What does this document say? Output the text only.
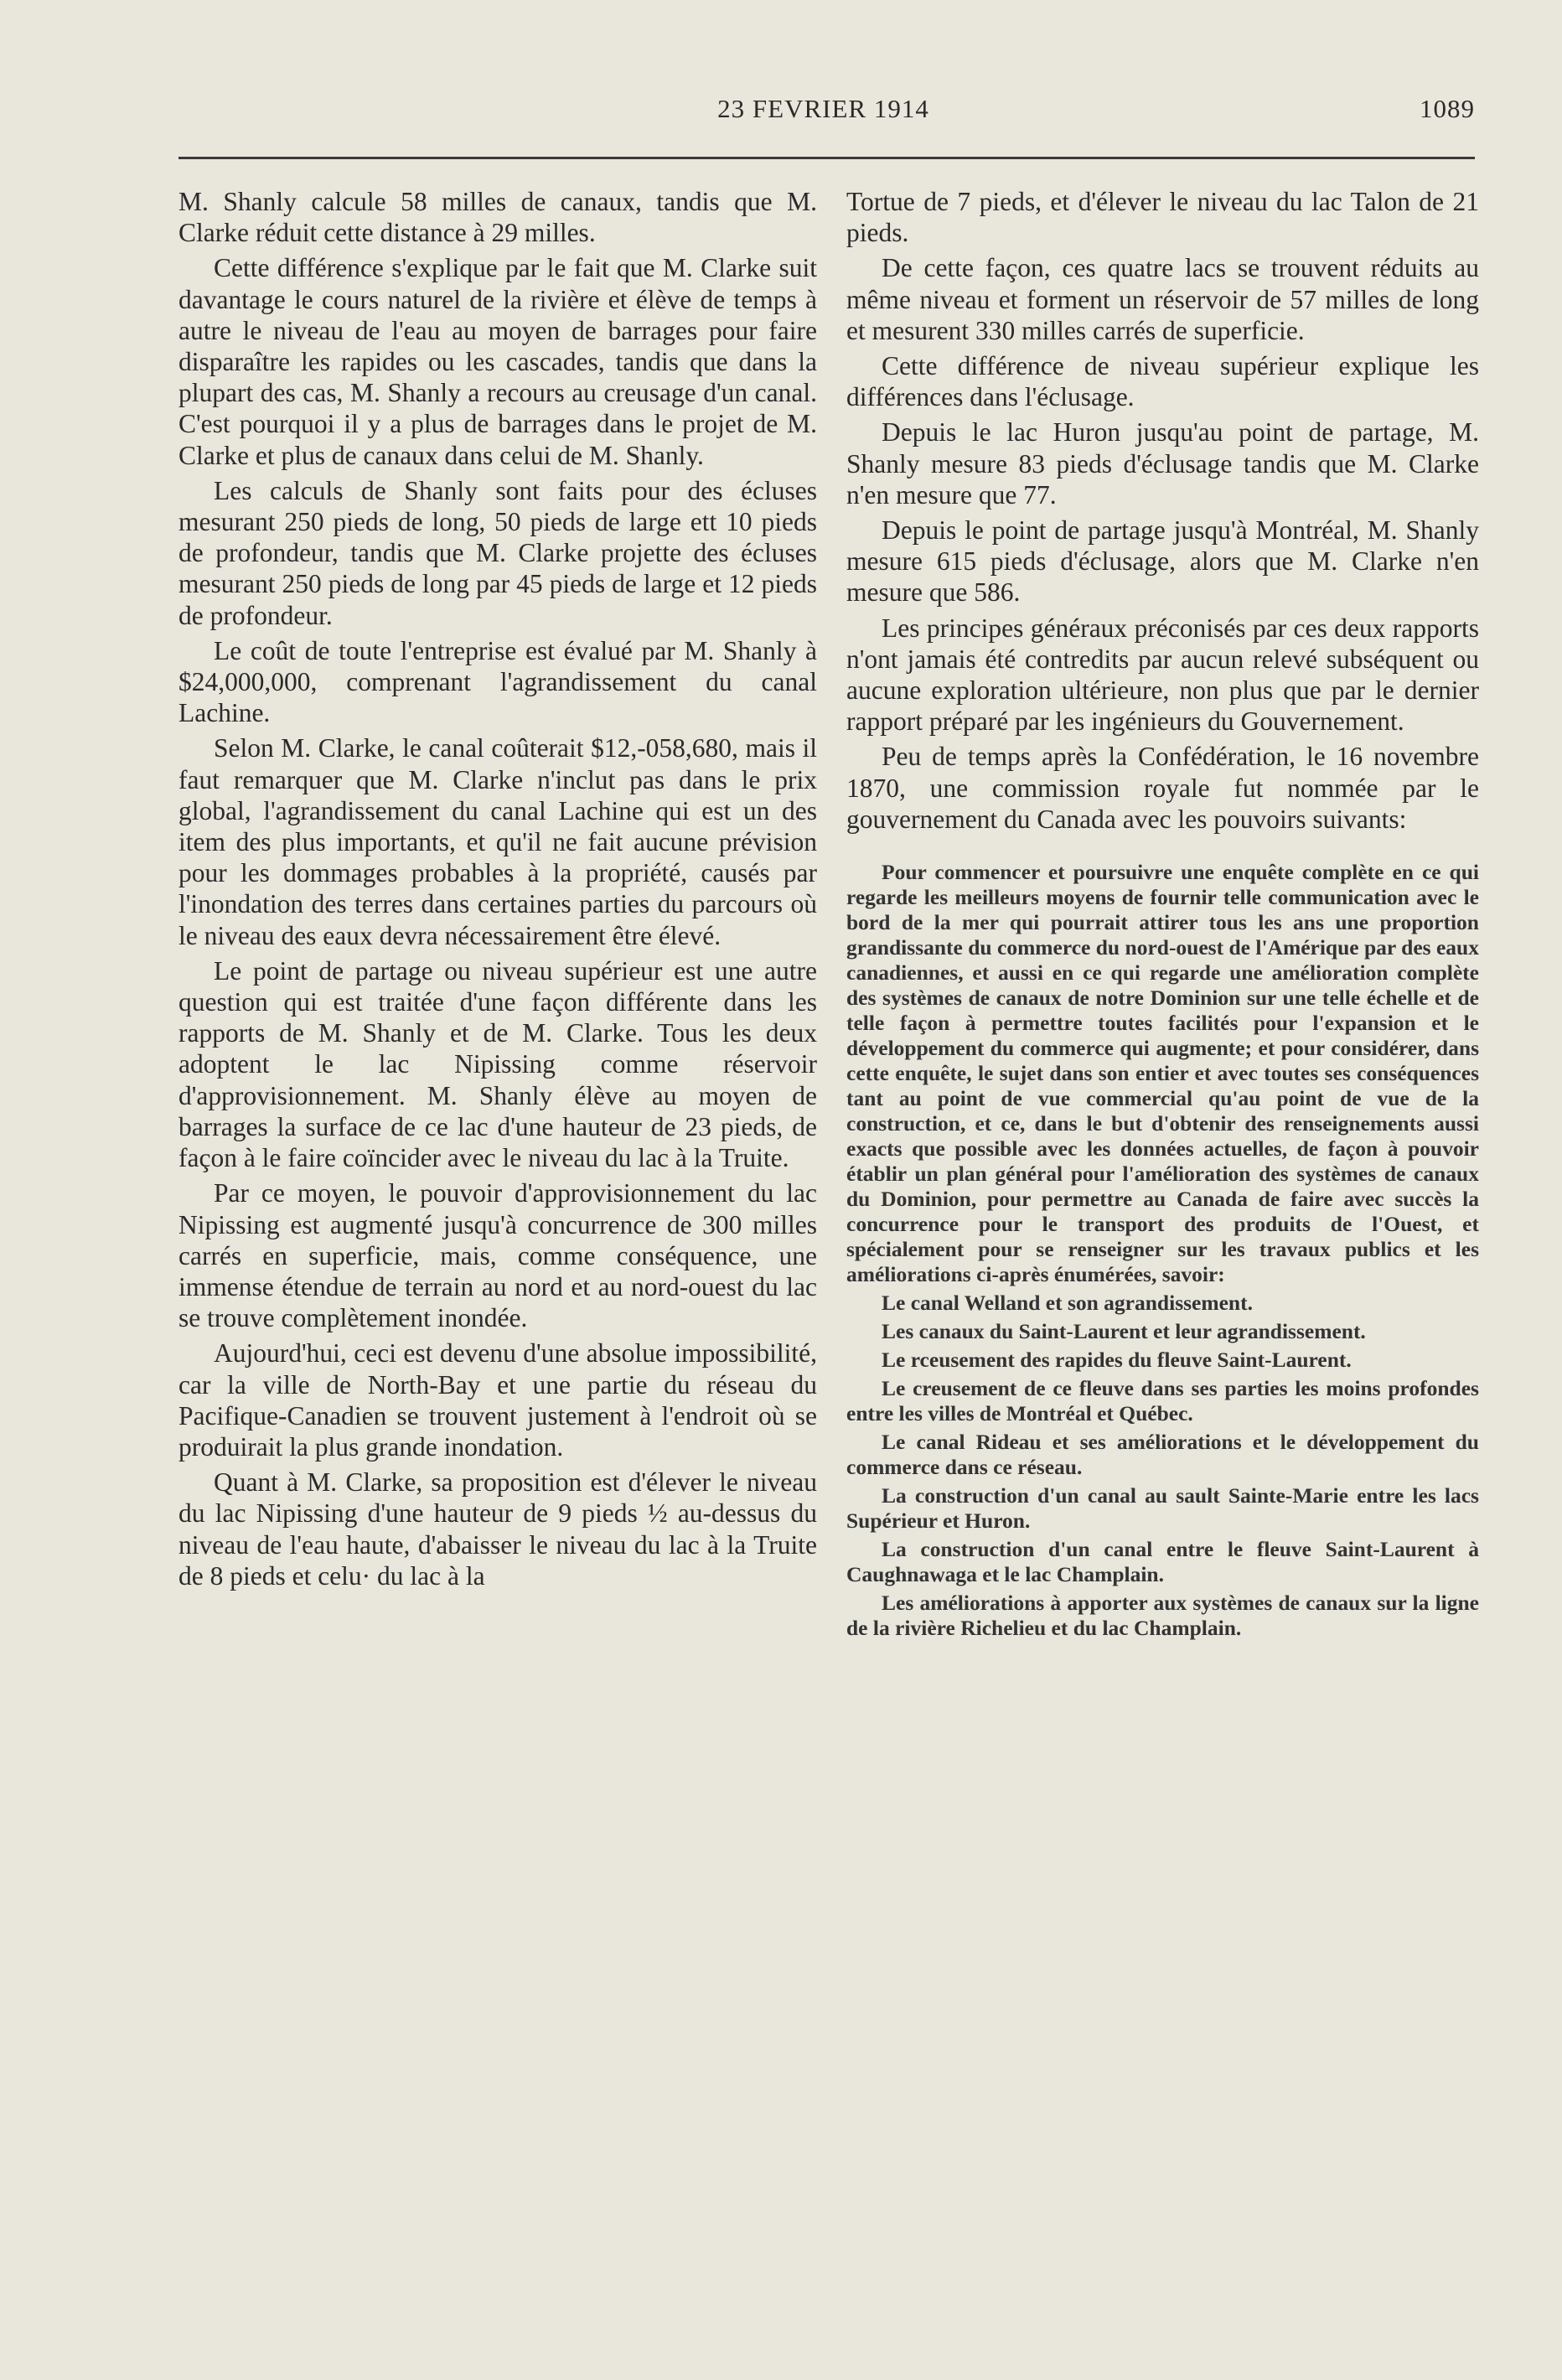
23 FEVRIER 1914	1089

M. Shanly calcule 58 milles de canaux, tandis que M. Clarke réduit cette distance à 29 milles.

Cette différence s'explique par le fait que M. Clarke suit davantage le cours naturel de la rivière et élève de temps à autre le niveau de l'eau au moyen de barrages pour faire disparaître les rapides ou les cascades, tandis que dans la plupart des cas, M. Shanly a recours au creusage d'un canal. C'est pourquoi il y a plus de barrages dans le projet de M. Clarke et plus de canaux dans celui de M. Shanly.

Les calculs de Shanly sont faits pour des écluses mesurant 250 pieds de long, 50 pieds de large ett 10 pieds de profondeur, tandis que M. Clarke projette des écluses mesurant 250 pieds de long par 45 pieds de large et 12 pieds de profondeur.

Le coût de toute l'entreprise est évalué par M. Shanly à $24,000,000, comprenant l'agrandissement du canal Lachine.

Selon M. Clarke, le canal coûterait $12,-058,680, mais il faut remarquer que M. Clarke n'inclut pas dans le prix global, l'agrandissement du canal Lachine qui est un des item des plus importants, et qu'il ne fait aucune prévision pour les dommages probables à la propriété, causés par l'inondation des terres dans certaines parties du parcours où le niveau des eaux devra nécessairement être élevé.

Le point de partage ou niveau supérieur est une autre question qui est traitée d'une façon différente dans les rapports de M. Shanly et de M. Clarke. Tous les deux adoptent le lac Nipissing comme réservoir d'approvisionnement. M. Shanly élève au moyen de barrages la surface de ce lac d'une hauteur de 23 pieds, de façon à le faire coïncider avec le niveau du lac à la Truite.

Par ce moyen, le pouvoir d'approvisionnement du lac Nipissing est augmenté jusqu'à concurrence de 300 milles carrés en superficie, mais, comme conséquence, une immense étendue de terrain au nord et au nord-ouest du lac se trouve complètement inondée.

Aujourd'hui, ceci est devenu d'une absolue impossibilité, car la ville de North-Bay et une partie du réseau du Pacifique-Canadien se trouvent justement à l'endroit où se produirait la plus grande inondation.

Quant à M. Clarke, sa proposition est d'élever le niveau du lac Nipissing d'une hauteur de 9 pieds ½ au-dessus du niveau de l'eau haute, d'abaisser le niveau du lac à la Truite de 8 pieds et celu· du lac à la

Tortue de 7 pieds, et d'élever le niveau du lac Talon de 21 pieds.

De cette façon, ces quatre lacs se trouvent réduits au même niveau et forment un réservoir de 57 milles de long et mesurent 330 milles carrés de superficie.

Cette différence de niveau supérieur explique les différences dans l'éclusage.

Depuis le lac Huron jusqu'au point de partage, M. Shanly mesure 83 pieds d'éclusage tandis que M. Clarke n'en mesure que 77.

Depuis le point de partage jusqu'à Montréal, M. Shanly mesure 615 pieds d'éclusage, alors que M. Clarke n'en mesure que 586.

Les principes généraux préconisés par ces deux rapports n'ont jamais été contredits par aucun relevé subséquent ou aucune exploration ultérieure, non plus que par le dernier rapport préparé par les ingénieurs du Gouvernement.

Peu de temps après la Confédération, le 16 novembre 1870, une commission royale fut nommée par le gouvernement du Canada avec les pouvoirs suivants:

Pour commencer et poursuivre une enquête complète en ce qui regarde les meilleurs moyens de fournir telle communication avec le bord de la mer qui pourrait attirer tous les ans une proportion grandissante du commerce du nord-ouest de l'Amérique par des eaux canadiennes, et aussi en ce qui regarde une amélioration complète des systèmes de canaux de notre Dominion sur une telle échelle et de telle façon à permettre toutes facilités pour l'expansion et le développement du commerce qui augmente; et pour considérer, dans cette enquête, le sujet dans son entier et avec toutes ses conséquences tant au point de vue commercial qu'au point de vue de la construction, et ce, dans le but d'obtenir des renseignements aussi exacts que possible avec les données actuelles, de façon à pouvoir établir un plan général pour l'amélioration des systèmes de canaux du Dominion, pour permettre au Canada de faire avec succès la concurrence pour le transport des produits de l'Ouest, et spécialement pour se renseigner sur les travaux publics et les améliorations ci-après énumérées, savoir:

Le canal Welland et son agrandissement.

Les canaux du Saint-Laurent et leur agrandissement.

Le rceusement des rapides du fleuve Saint-Laurent.

Le creusement de ce fleuve dans ses parties les moins profondes entre les villes de Montréal et Québec.

Le canal Rideau et ses améliorations et le développement du commerce dans ce réseau.

La construction d'un canal au sault Sainte-Marie entre les lacs Supérieur et Huron.

La construction d'un canal entre le fleuve Saint-Laurent à Caughnawaga et le lac Champlain.

Les améliorations à apporter aux systèmes de canaux sur la ligne de la rivière Richelieu et du lac Champlain.
